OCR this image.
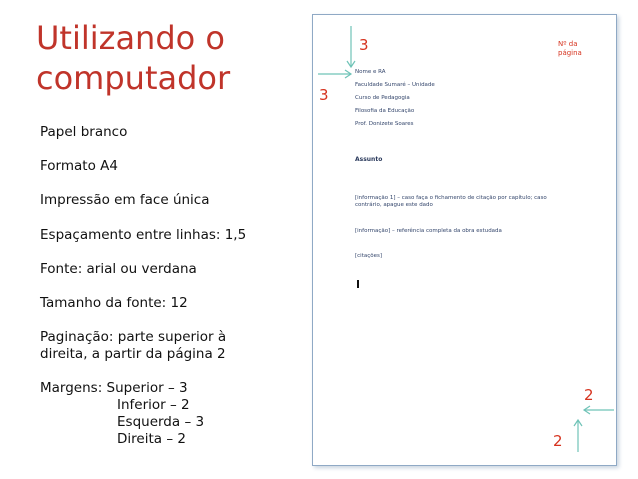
Utilizando o
computador
Papel branco
Formato A4
Impressão em face única
Espaçamento entre linhas: 1,5
Fonte: arial ou verdana
Tamanho da fonte: 12
Paginação: parte superior à
direita, a partir da página 2
Margens: Superior – 3
Inferior – 2
Esquerda – 3
Direita – 2
Nome e RA
Faculdade Sumaré – Unidade
Curso de Pedagogia
Filosofia da Educação
Prof. Donizete Soares
Assunto
[informação 1] – caso faça o fichamento de citação por capítulo; caso contrário, apague este dado
[informação] – referência completa da obra estudada
[citações]
3
3
Nº da
página
2
2
